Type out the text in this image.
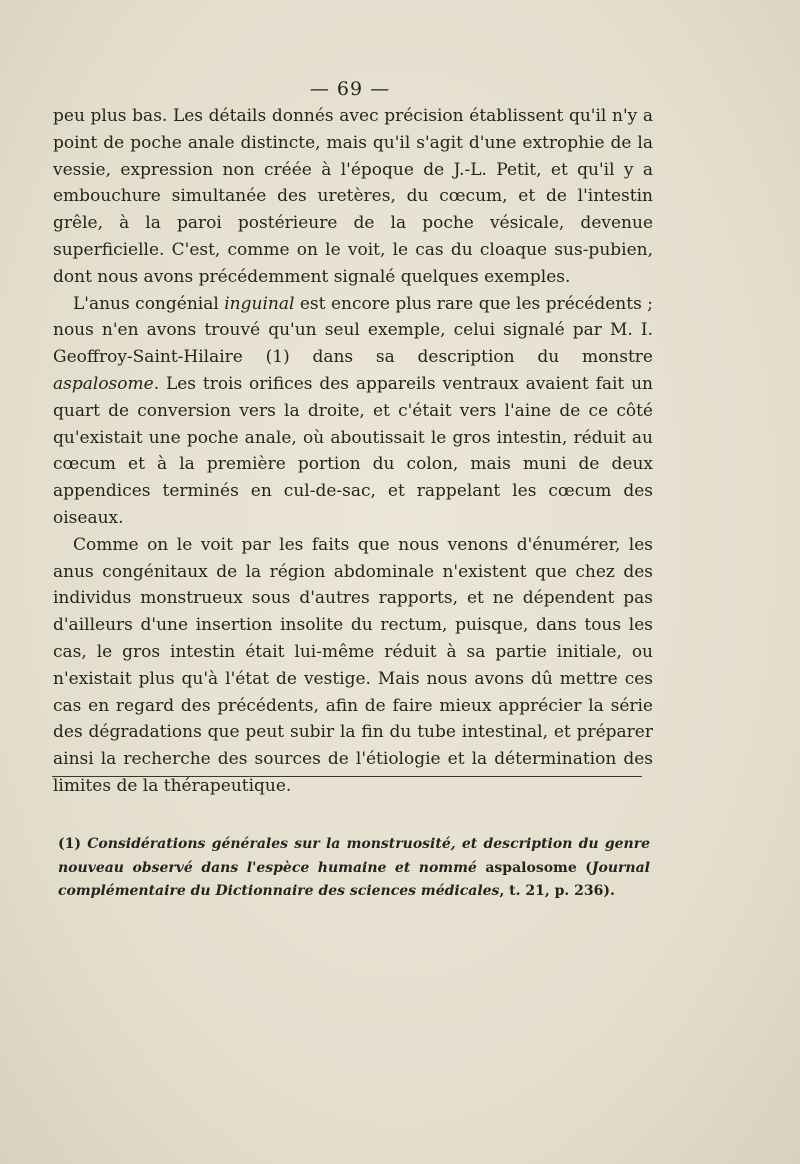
— 69 —

peu plus bas. Les détails donnés avec précision établissent qu'il n'y a point de poche anale distincte, mais qu'il s'agit d'une extrophie de la vessie, expression non créée à l'époque de J.-L. Petit, et qu'il y a embouchure simultanée des uretères, du cœcum, et de l'intestin grêle, à la paroi postérieure de la poche vésicale, devenue superficielle. C'est, comme on le voit, le cas du cloaque sus-pubien, dont nous avons précédemment signalé quelques exemples.

L'anus congénial inguinal est encore plus rare que les précédents ; nous n'en avons trouvé qu'un seul exemple, celui signalé par M. I. Geoffroy-Saint-Hilaire (1) dans sa description du monstre aspalosome. Les trois orifices des appareils ventraux avaient fait un quart de conversion vers la droite, et c'était vers l'aine de ce côté qu'existait une poche anale, où aboutissait le gros intestin, réduit au cœcum et à la première portion du colon, mais muni de deux appendices terminés en cul-de-sac, et rappelant les cœcum des oiseaux.

Comme on le voit par les faits que nous venons d'énumérer, les anus congénitaux de la région abdominale n'existent que chez des individus monstrueux sous d'autres rapports, et ne dépendent pas d'ailleurs d'une insertion insolite du rectum, puisque, dans tous les cas, le gros intestin était lui-même réduit à sa partie initiale, ou n'existait plus qu'à l'état de vestige. Mais nous avons dû mettre ces cas en regard des précédents, afin de faire mieux apprécier la série des dégradations que peut subir la fin du tube intestinal, et préparer ainsi la recherche des sources de l'étiologie et la détermination des limites de la thérapeutique.

(1) Considérations générales sur la monstruosité, et description du genre nouveau observé dans l'espèce humaine et nommé aspalosome (Journal complémentaire du Dictionnaire des sciences médicales, t. 21, p. 236).
